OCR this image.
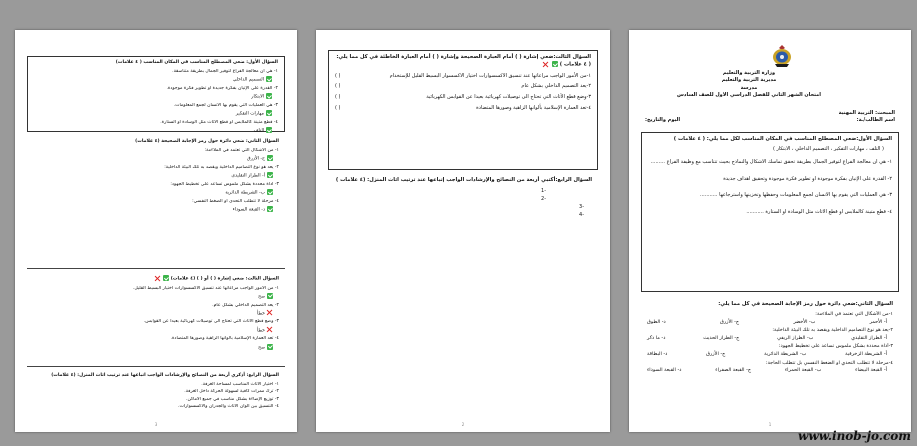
السؤال الأول: ضعي المصطلح المناسب في المكان المناسب ( ٤ علامات)
١- هي ان معالجة الفراغ لتوفير الجمال بطريقة متناسقة.
التصميم الداخلي
٢- القدرة على الإتيان بفكرة جديدة او تطوير فكرة موجودة.
الابتكار
٣- هي العمليات التي يقوم بها الانسان لجمع المعلومات.
مهارات التفكير
٤- قطع متينة كالملابس او قطع الاثاث مثل الوسادة او الستارة.
التلف
السؤال الثاني: ضعي دائرة حول رمز الإجابة الصحيحة (٤ علامات)
١- من الأشكال التي تعتمد في الملاءمة:
ج- الأزرق
٢- يعد هو نوع التصاميم الداخلية ويقصد به تلك البيئة الداخلية:
أ- الطراز التقليدي
٣- أداة محددة بشكل ملموس تساعد على تخطيط الجهود:
ب- الشريطة الدائرية
٤- مرحلة لا تتطلب التحدي او الضغط النفسي:
د- القبعة السوداء
السؤال الثالث: ضعي إشارة ( ) أو ( ) (٤ علامات)
١- من الأمور الواجب مراعاتها عند تنسيق الاكسسوارات اختيار البسيط القليل.
صح
٢- يعد التصميم الداخلي بشكل عام.
خطأ
٣- وضع قطع الأثاث التي تحتاج الى توصيلات كهربائية بعيدا عن القوابس.
خطأ
٤- تعد العمارة الإسلامية بألوانها الزاهية وصورها المتضادة.
صح
السؤال الرابع: أذكري أربعة من النصائح والإرشادات الواجب اتباعها عند ترتيب اثاث المنزل: (٤ علامات)
١- اختيار الأثاث المناسب لمساحة الغرفة.
٢- ترك ممرات كافية لسهولة الحركة داخل الغرفة.
٣- توزيع الإضاءة بشكل مناسب في جميع الأماكن.
٤- التنسيق بين ألوان الأثاث والجدران والاكسسوارات.
3
السؤال الثالث:ضعي إشارة ( ) أمام العبارة الصحيحة وإشارة ( ) أمام العبارة الخاطئة في كل مما يلي: ( ٤ علامات )
١-من الأمور الواجب مراعاتها عند تنسيق الاكسسوارات اختيار الاكسسوار البسيط القليل للإستخدام
( )
٢-يعد التصميم الداخلي بشكل عام
( )
٣-وضع قطع الأثاث التي تحتاج الى توصيلات كهربائية بعيدا عن القوابس الكهربائية
( )
٤-تعد العمارة الإسلامية بألوانها الزاهية وصورها المتضادة
( )
السؤال الرابع:أكتبي أربعة من النصائح والإرشادات الواجب إتباعها عند ترتيب اثاث المنزل: (٤ علامات )
-1
-2
-3
-4
2
وزارة التربية والتعليم
مديرية التربية والتعليم
مدرسة
امتحان الشهر الثاني للفصل الدراسي الاول للصف السادس
المبحث: التربية المهنية
اسم الطالب/ـة:
اليوم والتاريخ:
السؤال الأول:ضعي المصطلح المناسب في المكان المناسب لكل مما يلي: ( ٤ علامات )
( التلف ، مهارات التفكير ، التصميم الداخلي ، الابتكار )
١- هي ان معالجة الفراغ لتوفير الجمال بطريقة تحقق تماسك الاشكال والنماذج بحيث تتناسب مع وظيفة الفراغ .........
٢- القدرة على الإتيان بفكرة موجودة او تطوير فكرة موجودة وتحقيق اهداف جديدة
٣- هي العمليات التي يقوم بها الانسان لجمع المعلومات وحفظها وتخزينها واسترجاعها ...........
٤- قطع متينة كالملابس او قطع الاثاث مثل الوسادة او الستارة ...........
السؤال الثاني:ضعي دائرة حول رمز الإجابة الصحيحة في كل مما يلي:
١-من الأشكال التي تعتمد في الملاءمة:
أ- الأحمر
ب- الأخضر
ج- الأزرق
د- الطوق
٢-يعد هو نوع التصاميم الداخلية ويقصد به تلك البيئة الداخلية:
أ- الطراز التقليدي
ب- الطراز الريفي
ج- الطراز الحديث
د- ما ذكر
٣-أداة محددة بشكل ملموس تساعد على تخطيط الجهود:
أ- الشريطة الزخرفية
ب- الشريطة الدائرية
ج- الأزرق
د- البطاقة
٤-مرحلة لا تتطلب التحدي او الضغط النفسي بل تتطلب الحاجة:
أ- القبعة البيضاء
ب- القبعة الحمراء
ج- القبعة الصفراء
د- القبعة السوداء
1
www.inob-jo.com
